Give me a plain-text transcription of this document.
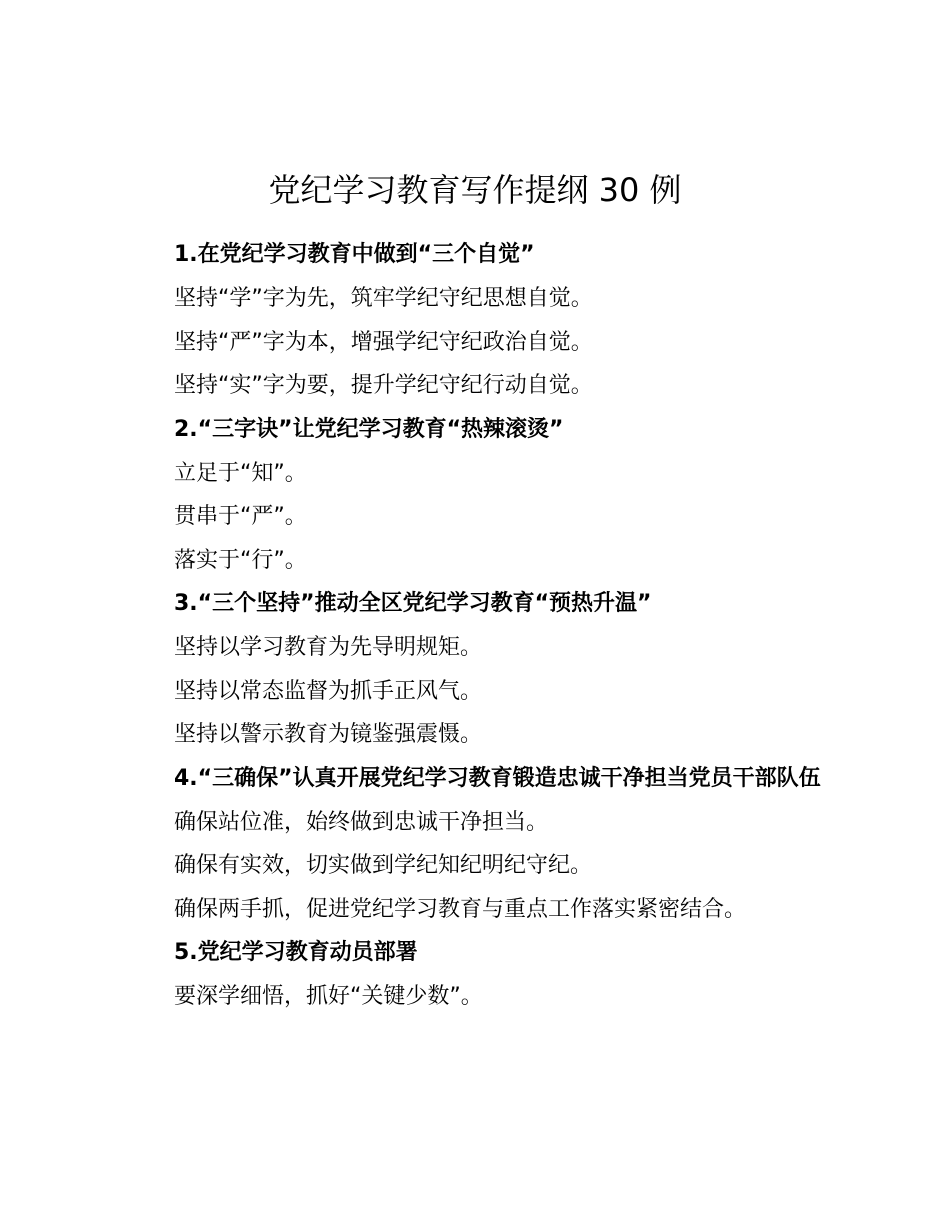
党纪学习教育写作提纲 30 例

1.在党纪学习教育中做到“三个自觉”

坚持“学”字为先，筑牢学纪守纪思想自觉。

坚持“严”字为本，增强学纪守纪政治自觉。

坚持“实”字为要，提升学纪守纪行动自觉。

2.“三字诀”让党纪学习教育“热辣滚烫”

立足于“知”。

贯串于“严”。

落实于“行”。

3.“三个坚持”推动全区党纪学习教育“预热升温”

坚持以学习教育为先导明规矩。

坚持以常态监督为抓手正风气。

坚持以警示教育为镜鉴强震慑。

4.“三确保”认真开展党纪学习教育锻造忠诚干净担当党员干部队伍

确保站位准，始终做到忠诚干净担当。

确保有实效，切实做到学纪知纪明纪守纪。

确保两手抓，促进党纪学习教育与重点工作落实紧密结合。

5.党纪学习教育动员部署

要深学细悟，抓好“关键少数”。
